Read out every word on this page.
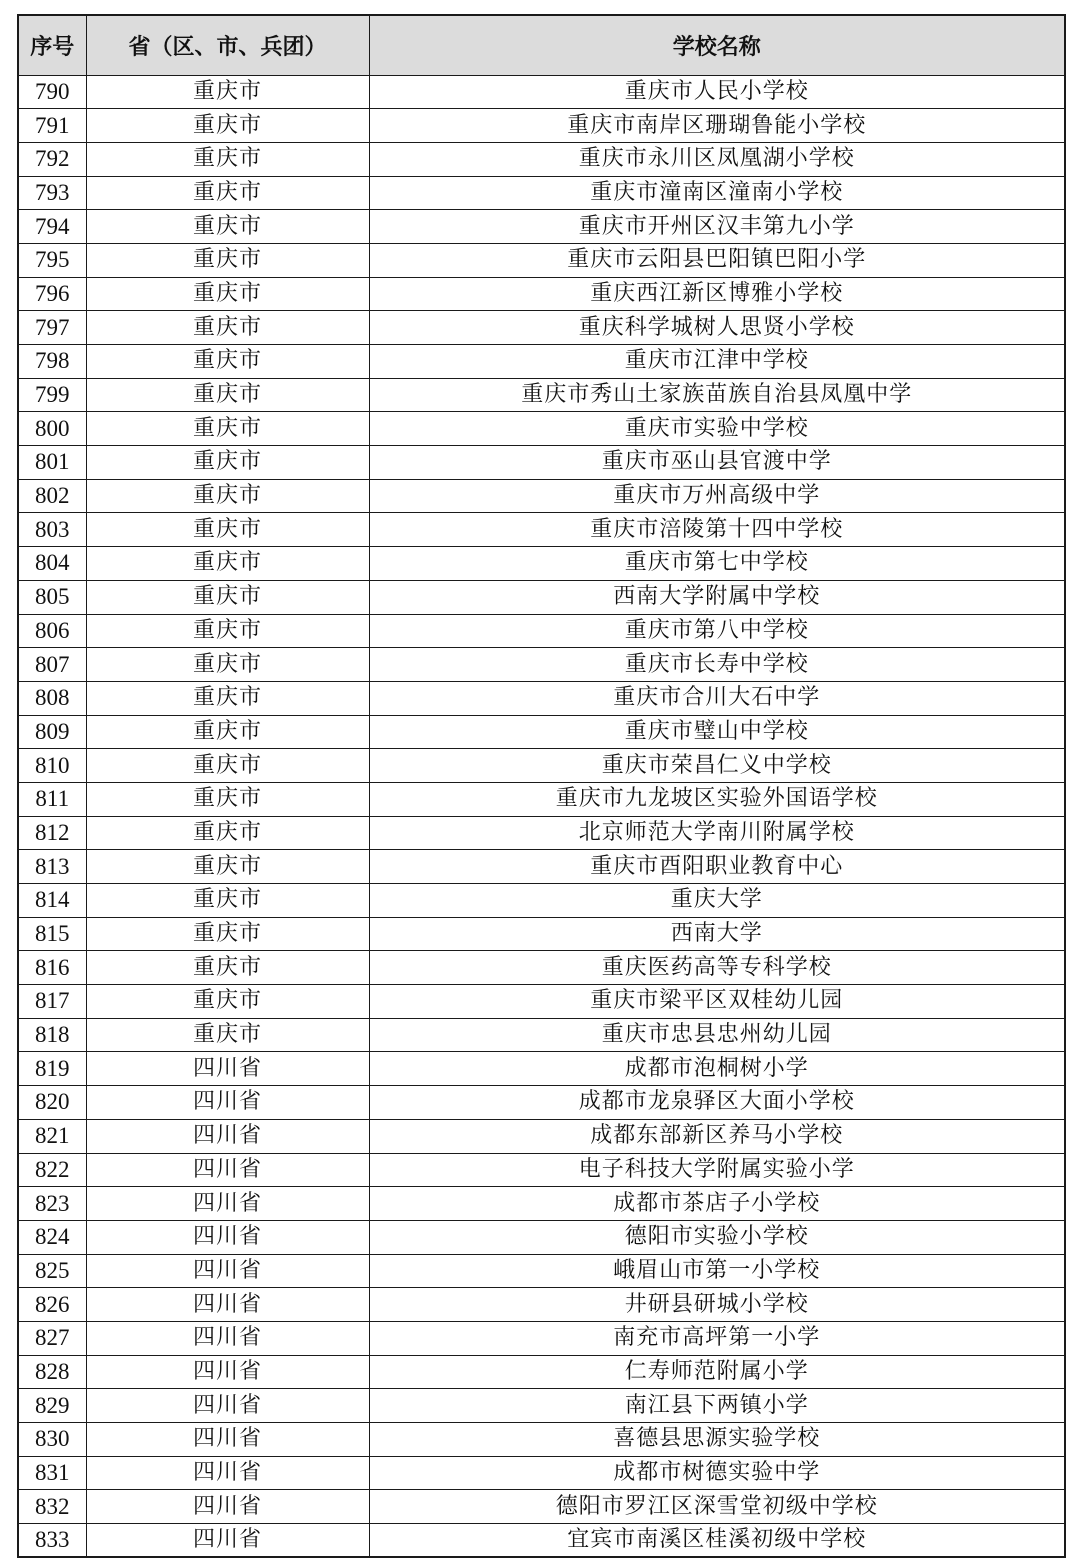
序号	省（区、市、兵团）	学校名称
790	重庆市	重庆市人民小学校
791	重庆市	重庆市南岸区珊瑚鲁能小学校
792	重庆市	重庆市永川区凤凰湖小学校
793	重庆市	重庆市潼南区潼南小学校
794	重庆市	重庆市开州区汉丰第九小学
795	重庆市	重庆市云阳县巴阳镇巴阳小学
796	重庆市	重庆西江新区博雅小学校
797	重庆市	重庆科学城树人思贤小学校
798	重庆市	重庆市江津中学校
799	重庆市	重庆市秀山土家族苗族自治县凤凰中学
800	重庆市	重庆市实验中学校
801	重庆市	重庆市巫山县官渡中学
802	重庆市	重庆市万州高级中学
803	重庆市	重庆市涪陵第十四中学校
804	重庆市	重庆市第七中学校
805	重庆市	西南大学附属中学校
806	重庆市	重庆市第八中学校
807	重庆市	重庆市长寿中学校
808	重庆市	重庆市合川大石中学
809	重庆市	重庆市璧山中学校
810	重庆市	重庆市荣昌仁义中学校
811	重庆市	重庆市九龙坡区实验外国语学校
812	重庆市	北京师范大学南川附属学校
813	重庆市	重庆市酉阳职业教育中心
814	重庆市	重庆大学
815	重庆市	西南大学
816	重庆市	重庆医药高等专科学校
817	重庆市	重庆市梁平区双桂幼儿园
818	重庆市	重庆市忠县忠州幼儿园
819	四川省	成都市泡桐树小学
820	四川省	成都市龙泉驿区大面小学校
821	四川省	成都东部新区养马小学校
822	四川省	电子科技大学附属实验小学
823	四川省	成都市茶店子小学校
824	四川省	德阳市实验小学校
825	四川省	峨眉山市第一小学校
826	四川省	井研县研城小学校
827	四川省	南充市高坪第一小学
828	四川省	仁寿师范附属小学
829	四川省	南江县下两镇小学
830	四川省	喜德县思源实验学校
831	四川省	成都市树德实验中学
832	四川省	德阳市罗江区深雪堂初级中学校
833	四川省	宜宾市南溪区桂溪初级中学校
